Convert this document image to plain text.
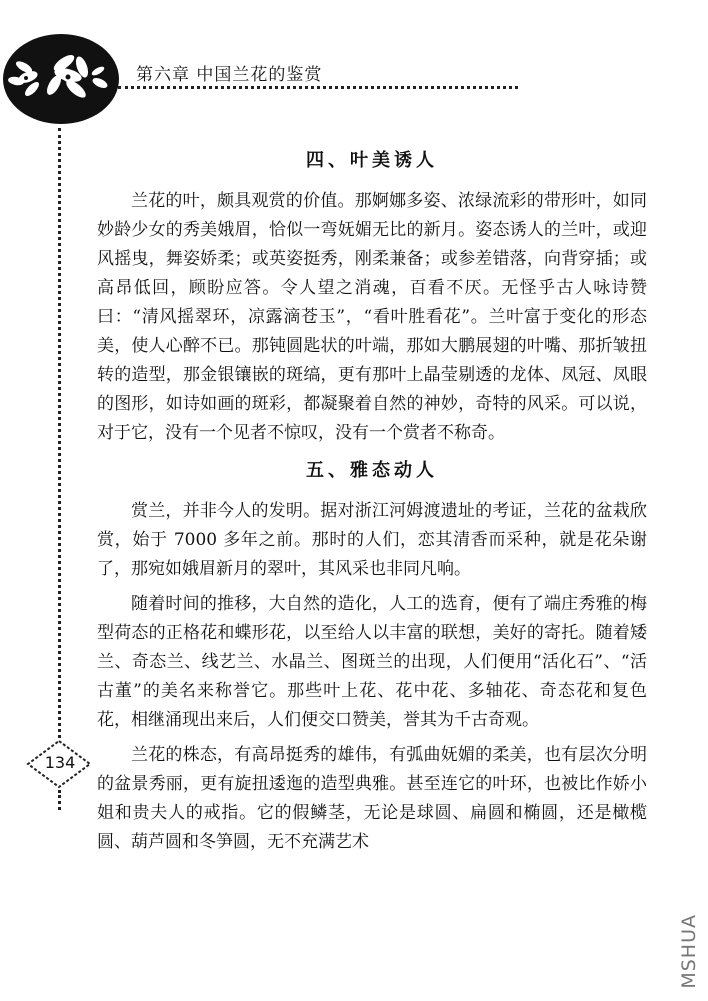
第六章 中国兰花的鉴赏
134
四、叶美诱人

兰花的叶，颇具观赏的价值。那婀娜多姿、浓绿流彩的带形叶，如同妙龄少女的秀美娥眉，恰似一弯妩媚无比的新月。姿态诱人的兰叶，或迎风摇曳，舞姿娇柔；或英姿挺秀，刚柔兼备；或参差错落，向背穿插；或高昂低回，顾盼应答。令人望之消魂，百看不厌。无怪乎古人咏诗赞曰：“清风摇翠环，凉露滴苍玉”，“看叶胜看花”。兰叶富于变化的形态美，使人心醉不已。那钝圆匙状的叶端，那如大鹏展翅的叶嘴、那折皱扭转的造型，那金银镶嵌的斑缟，更有那叶上晶莹剔透的龙体、凤冠、凤眼的图形，如诗如画的斑彩，都凝聚着自然的神妙，奇特的风采。可以说，对于它，没有一个见者不惊叹，没有一个赏者不称奇。

五、雅态动人

赏兰，并非今人的发明。据对浙江河姆渡遗址的考证，兰花的盆栽欣赏，始于 7000 多年之前。那时的人们，恋其清香而采种，就是花朵谢了，那宛如娥眉新月的翠叶，其风采也非同凡响。

随着时间的推移，大自然的造化，人工的选育，便有了端庄秀雅的梅型荷态的正格花和蝶形花，以至给人以丰富的联想，美好的寄托。随着矮兰、奇态兰、线艺兰、水晶兰、图斑兰的出现，人们便用“活化石”、“活古董”的美名来称誉它。那些叶上花、花中花、多轴花、奇态花和复色花，相继涌现出来后，人们便交口赞美，誉其为千古奇观。

兰花的株态，有高昂挺秀的雄伟，有弧曲妩媚的柔美，也有层次分明的盆景秀丽，更有旋扭逶迤的造型典雅。甚至连它的叶环，也被比作娇小姐和贵夫人的戒指。它的假鳞茎，无论是球圆、扁圆和椭圆，还是橄榄圆、葫芦圆和冬笋圆，无不充满艺术

MSHUA
